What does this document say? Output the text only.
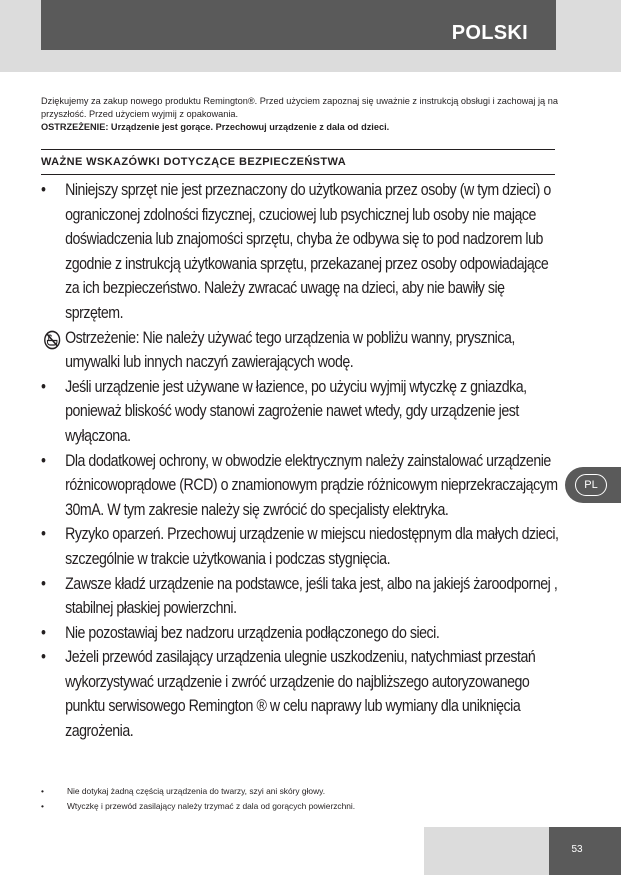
POLSKI

Dziękujemy za zakup nowego produktu Remington®. Przed użyciem zapoznaj się uważnie z instrukcją obsługi i zachowaj ją na przyszłość. Przed użyciem wyjmij z opakowania.

OSTRZEŻENIE: Urządzenie jest gorące. Przechowuj urządzenie z dala od dzieci.

WAŻNE WSKAZÓWKI DOTYCZĄCE BEZPIECZEŃSTWA
• Niniejszy sprzęt nie jest przeznaczony do użytkowania przez osoby (w tym dzieci) o ograniczonej zdolności fizycznej, czuciowej lub psychicznej lub osoby nie mające doświadczenia lub znajomości sprzętu, chyba że odbywa się to pod nadzorem lub zgodnie z instrukcją użytkowania sprzętu, przekazanej przez osoby odpowiadające za ich bezpieczeństwo. Należy zwracać uwagę na dzieci, aby nie bawiły się sprzętem.
Ostrzeżenie: Nie należy używać tego urządzenia w pobliżu wanny, prysznica, umywalki lub innych naczyń zawierających wodę.
• Jeśli urządzenie jest używane w łazience, po użyciu wyjmij wtyczkę z gniazdka, ponieważ bliskość wody stanowi zagrożenie nawet wtedy, gdy urządzenie jest wyłączona.
• Dla dodatkowej ochrony, w obwodzie elektrycznym należy zainstalować urządzenie różnicowoprądowe (RCD) o znamionowym prądzie różnicowym nieprzekraczającym 30mA. W tym zakresie należy się zwrócić do specjalisty elektryka.
• Ryzyko oparzeń. Przechowuj urządzenie w miejscu niedostępnym dla małych dzieci, szczególnie w trakcie użytkowania i podczas stygnięcia.
• Zawsze kładź urządzenie na podstawce, jeśli taka jest, albo na jakiejś żaroodpornej , stabilnej płaskiej powierzchni.
• Nie pozostawiaj bez nadzoru urządzenia podłączonego do sieci.
• Jeżeli przewód zasilający urządzenia ulegnie uszkodzeniu, natychmiast przestań wykorzystywać urządzenie i zwróć urządzenie do najbliższego autoryzowanego punktu serwisowego Remington ® w celu naprawy lub wymiany dla uniknięcia zagrożenia.
•	Nie dotykaj żadną częścią urządzenia do twarzy, szyi ani skóry głowy.
•	Wtyczkę i przewód zasilający należy trzymać z dala od gorących powierzchni.
PL
53
